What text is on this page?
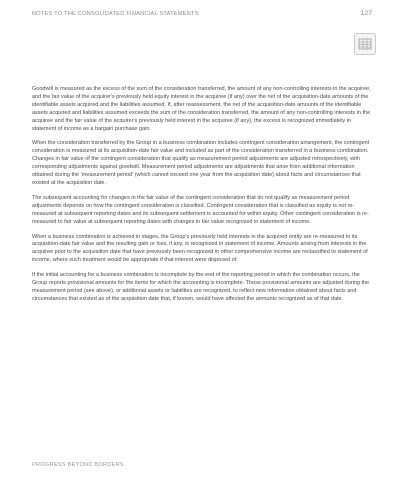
NOTES TO THE CONSOLIDATED FINANCIAL STATEMENTS	127

Goodwill is measured as the excess of the sum of the consideration transferred, the amount of any non-controlling interests in the acquiree, and the fair value of the acquirer's previously held equity interest in the acquiree (if any) over the net of the acquisition-date amounts of the identifiable assets acquired and the liabilities assumed. If, after reassessment, the net of the acquisition-date amounts of the identifiable assets acquired and liabilities assumed exceeds the sum of the consideration transferred, the amount of any non-controlling interests in the acquiree and the fair value of the acquirer's previously held interest in the acquiree (if any), the excess is recognized immediately in statement of income as a bargain purchase gain.

When the consideration transferred by the Group in a business combination includes contingent consideration arrangement, the contingent consideration is measured at its acquisition-date fair value and included as part of the consideration transferred in a business combination. Changes in fair value of the contingent consideration that qualify as measurement period adjustments are adjusted retrospectively, with corresponding adjustments against goodwill. Measurement period adjustments are adjustments that arise from additional information obtained during the 'measurement period' (which cannot exceed one year from the acquisition date) about facts and circumstances that existed at the acquisition date.

The subsequent accounting for changes in the fair value of the contingent consideration that do not qualify as measurement period adjustments depends on how the contingent consideration is classified. Contingent consideration that is classified as equity is not re-measured at subsequent reporting dates and its subsequent settlement is accounted for within equity. Other contingent consideration is re-measured to fair value at subsequent reporting dates with changes in fair value recognized in statement of income.

When a business combination is achieved in stages, the Group's previously held interests in the acquired entity are re-measured to its acquisition-date fair value and the resulting gain or loss, if any, is recognized in statement of income. Amounts arising from interests in the acquiree prior to the acquisition date that have previously been recognized in other comprehensive income are reclassified to statement of income, where such treatment would be appropriate if that interest were disposed of.

If the initial accounting for a business combination is incomplete by the end of the reporting period in which the combination occurs, the Group reports provisional amounts for the items for which the accounting is incomplete. Those provisional amounts are adjusted during the measurement period (see above), or additional assets or liabilities are recognized, to reflect new information obtained about facts and circumstances that existed as of the acquisition date that, if known, would have affected the amounts recognized as of that date.

PROGRESS BEYOND BORDERS
